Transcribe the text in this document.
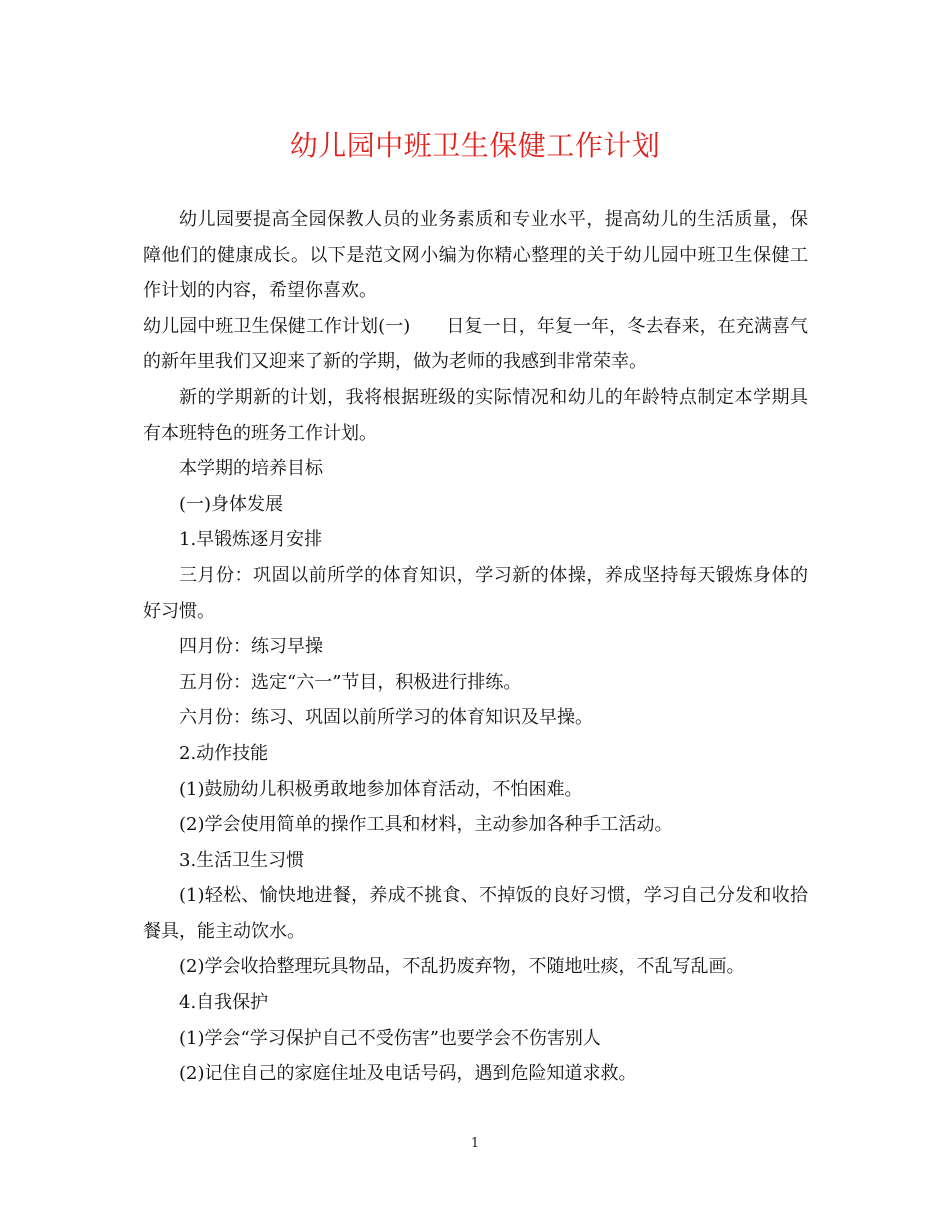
幼儿园中班卫生保健工作计划

幼儿园要提高全园保教人员的业务素质和专业水平，提高幼儿的生活质量，保障他们的健康成长。以下是范文网小编为你精心整理的关于幼儿园中班卫生保健工作计划的内容，希望你喜欢。

幼儿园中班卫生保健工作计划(一) 日复一日，年复一年，冬去春来，在充满喜气的新年里我们又迎来了新的学期，做为老师的我感到非常荣幸。

新的学期新的计划，我将根据班级的实际情况和幼儿的年龄特点制定本学期具有本班特色的班务工作计划。

本学期的培养目标

(一)身体发展

1.早锻炼逐月安排

三月份：巩固以前所学的体育知识，学习新的体操，养成坚持每天锻炼身体的好习惯。

四月份：练习早操

五月份：选定“六一”节目，积极进行排练。

六月份：练习、巩固以前所学习的体育知识及早操。

2.动作技能

(1)鼓励幼儿积极勇敢地参加体育活动，不怕困难。

(2)学会使用简单的操作工具和材料，主动参加各种手工活动。

3.生活卫生习惯

(1)轻松、愉快地进餐，养成不挑食、不掉饭的良好习惯，学习自己分发和收拾餐具，能主动饮水。

(2)学会收拾整理玩具物品，不乱扔废弃物，不随地吐痰，不乱写乱画。

4.自我保护

(1)学会“学习保护自己不受伤害”也要学会不伤害别人

(2)记住自己的家庭住址及电话号码，遇到危险知道求救。

1
